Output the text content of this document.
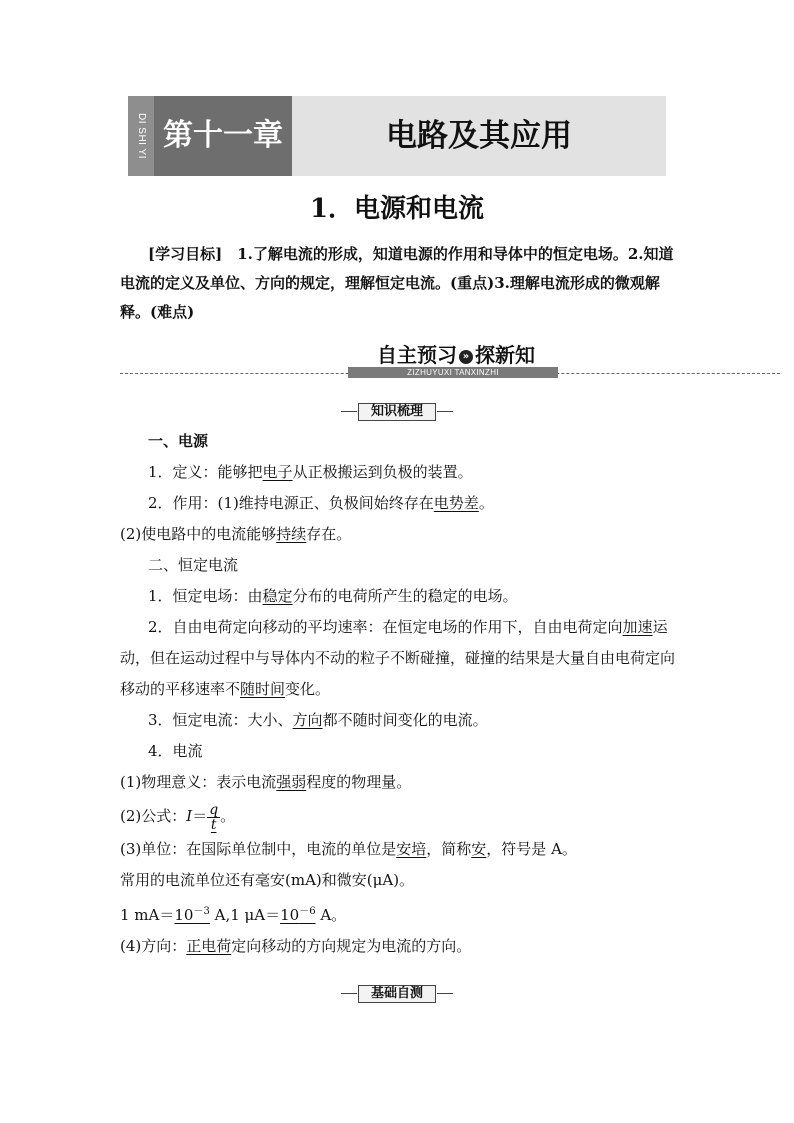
DI SHI YI ZHANG	第十一章	电路及其应用
1．电源和电流
[学习目标]　1.了解电流的形成，知道电源的作用和导体中的恒定电场。2.知道电流的定义及单位、方向的规定，理解恒定电流。(重点)3.理解电流形成的微观解释。(难点)
自主预习 » 探新知
ZIZHUYUXI TANXINZHI
知识梳理

一、电源

1．定义：能够把电子从正极搬运到负极的装置。

2．作用：(1)维持电源正、负极间始终存在电势差。

(2)使电路中的电流能够持续存在。

二、恒定电流

1．恒定电场：由稳定分布的电荷所产生的稳定的电场。

2．自由电荷定向移动的平均速率：在恒定电场的作用下，自由电荷定向加速运动，但在运动过程中与导体内不动的粒子不断碰撞，碰撞的结果是大量自由电荷定向移动的平移速率不随时间变化。

3．恒定电流：大小、方向都不随时间变化的电流。

4．电流

(1)物理意义：表示电流强弱程度的物理量。

(2)公式：$I= \frac{q}{t}$ 。

(3)单位：在国际单位制中，电流的单位是安培，简称安，符号是 A。

常用的电流单位还有毫安(mA)和微安(μA)。

1 $mA=10^{-3}$ A,1 $\mu A=10^{-6}$ A。

(4)方向：正电荷定向移动的方向规定为电流的方向。

基础自测
